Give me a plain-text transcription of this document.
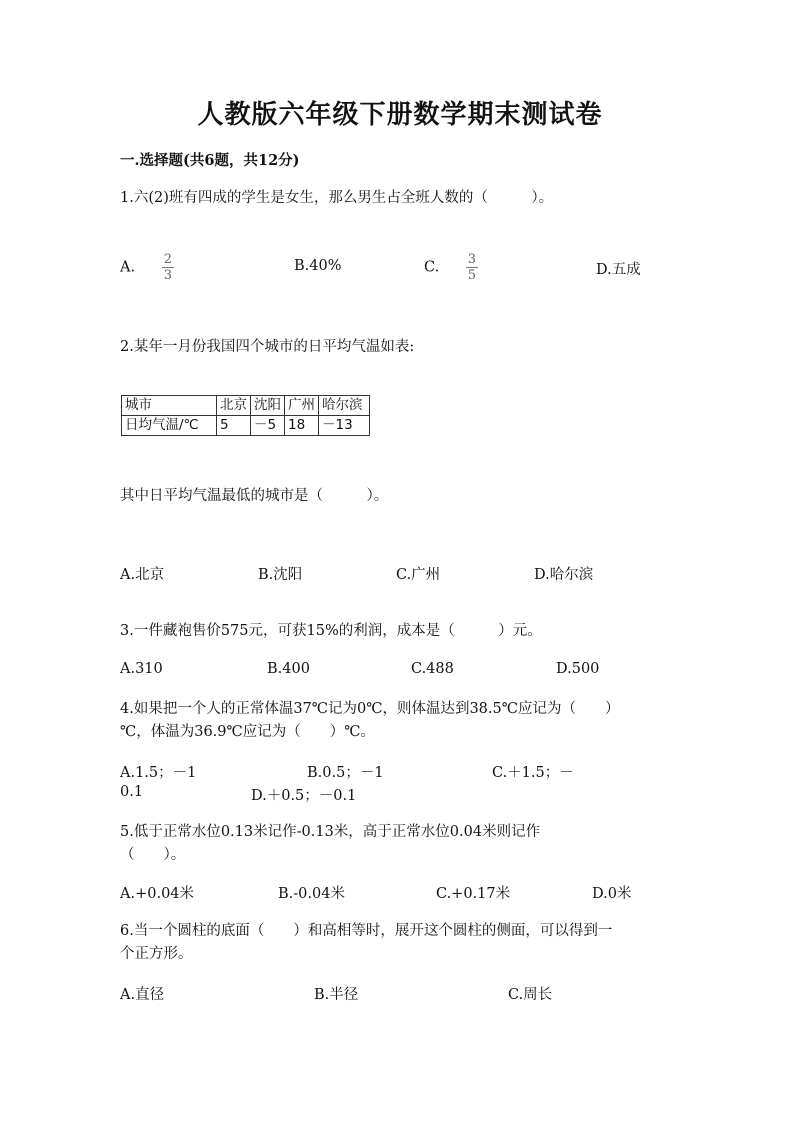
人教版六年级下册数学期末测试卷
一.选择题(共6题，共12分)
1.六(2)班有四成的学生是女生，那么男生占全班人数的（　　　）。
A. $\frac{2}{3}$	B.40%	C. $\frac{3}{5}$	D.五成
2.某年一月份我国四个城市的日平均气温如表:
城市	北京	沈阳	广州	哈尔滨
日均气温/℃	5	－5	18	－13
其中日平均气温最低的城市是（　　　）。
A.北京	B.沈阳	C.广州	D.哈尔滨
3.一件藏袍售价575元，可获15%的利润，成本是（　　　）元。
A.310	B.400	C.488	D.500
4.如果把一个人的正常体温37℃记为0℃，则体温达到38.5℃应记为（　　）
℃，体温为36.9℃应记为（　　）℃。
A.1.5；－1	B.0.5；－1	C.＋1.5；－
0.1	D.＋0.5；－0.1
5.低于正常水位0.13米记作-0.13米，高于正常水位0.04米则记作
（　　）。
A.+0.04米	B.-0.04米	C.+0.17米	D.0米
6.当一个圆柱的底面（　　）和高相等时，展开这个圆柱的侧面，可以得到一
个正方形。
A.直径	B.半径	C.周长
